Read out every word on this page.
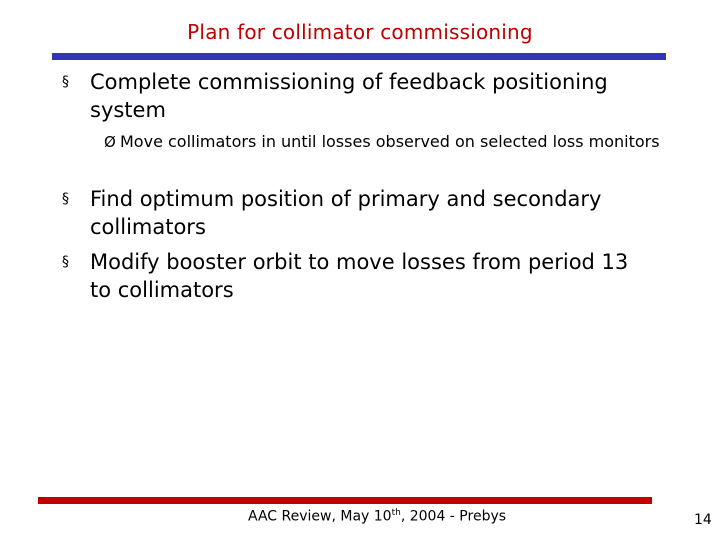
Plan for collimator commissioning
§	Complete commissioning of feedback positioning system
Ø Move collimators in until losses observed on selected loss monitors
§	Find optimum position of primary and secondary collimators
§	Modify booster orbit to move losses from period 13 to collimators
AAC Review, May 10th, 2004 - Prebys	14
